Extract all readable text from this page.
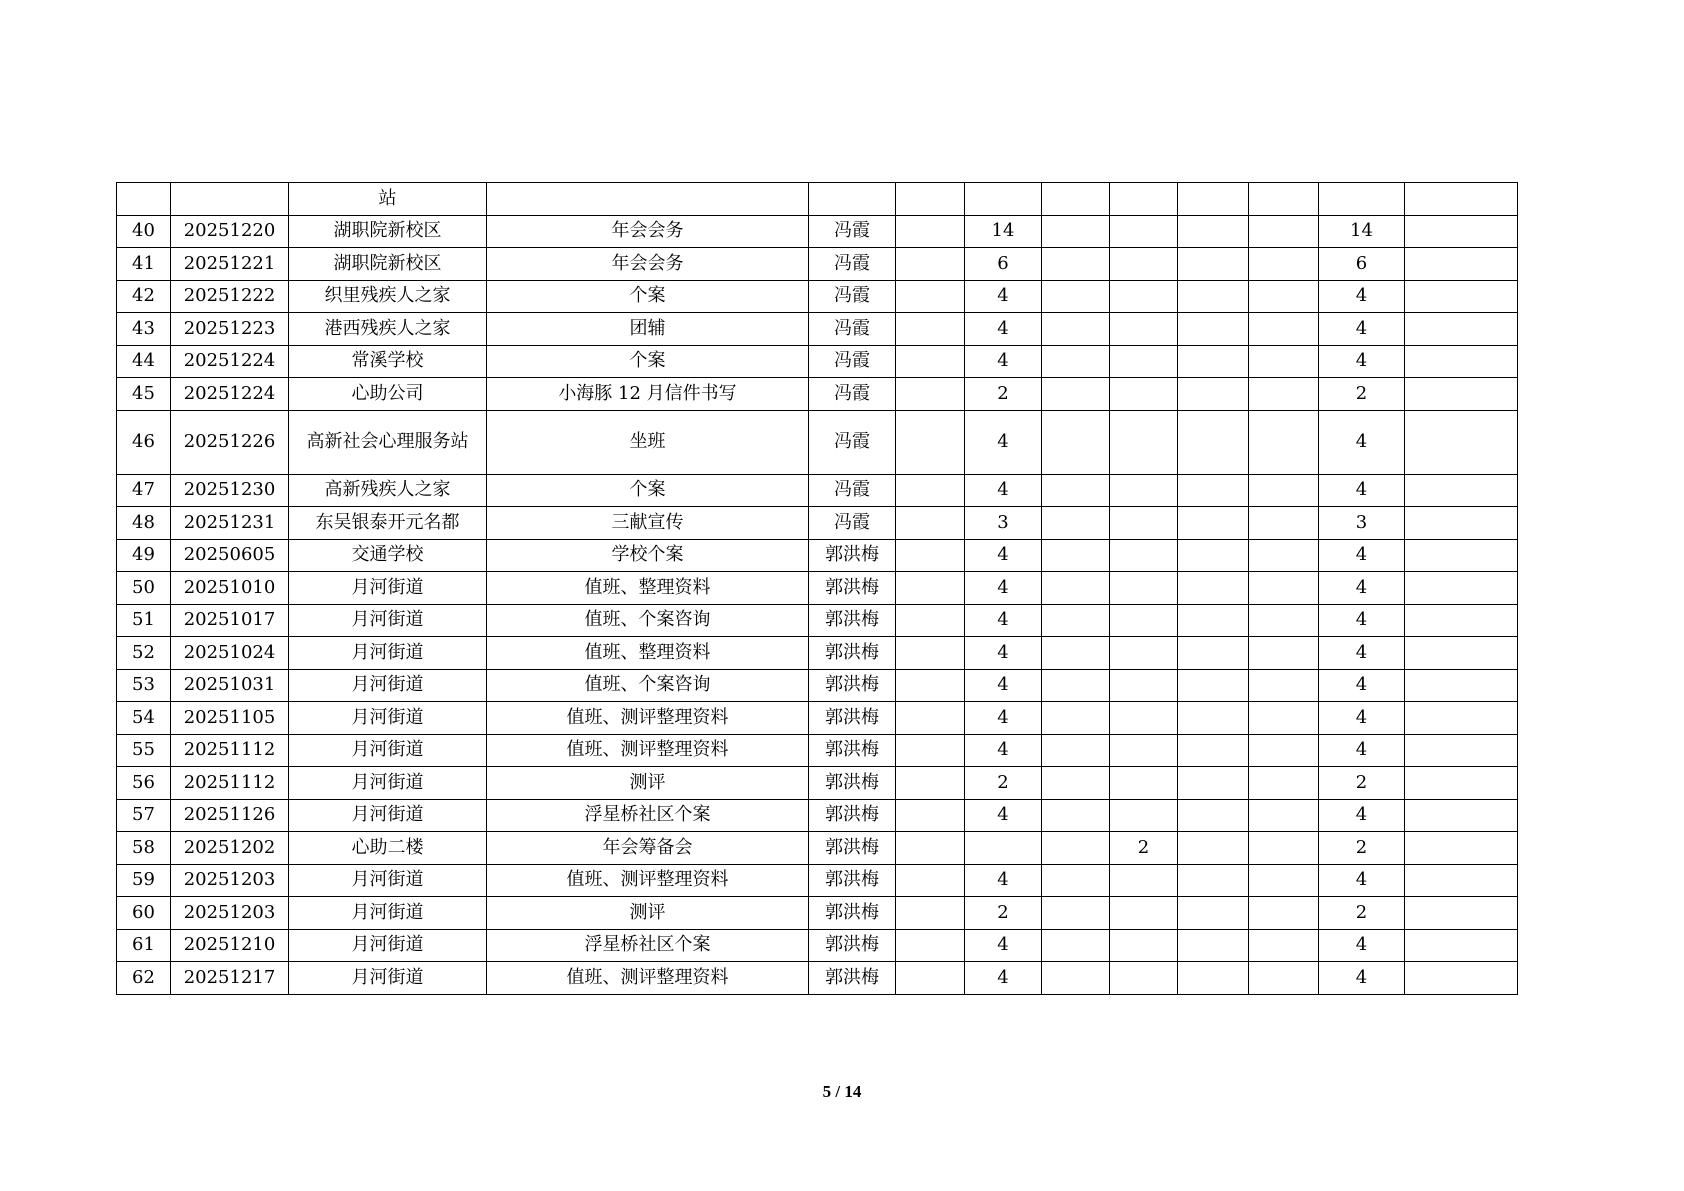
		站										
40	20251220	湖职院新校区	年会会务	冯霞		14					14	
41	20251221	湖职院新校区	年会会务	冯霞		6					6	
42	20251222	织里残疾人之家	个案	冯霞		4					4	
43	20251223	港西残疾人之家	团辅	冯霞		4					4	
44	20251224	常溪学校	个案	冯霞		4					4	
45	20251224	心助公司	小海豚 12 月信件书写	冯霞		2					2	
46	20251226	高新社会心理服务站	坐班	冯霞		4					4	
47	20251230	高新残疾人之家	个案	冯霞		4					4	
48	20251231	东吴银泰开元名都	三献宣传	冯霞		3					3	
49	20250605	交通学校	学校个案	郭洪梅		4					4	
50	20251010	月河街道	值班、整理资料	郭洪梅		4					4	
51	20251017	月河街道	值班、个案咨询	郭洪梅		4					4	
52	20251024	月河街道	值班、整理资料	郭洪梅		4					4	
53	20251031	月河街道	值班、个案咨询	郭洪梅		4					4	
54	20251105	月河街道	值班、测评整理资料	郭洪梅		4					4	
55	20251112	月河街道	值班、测评整理资料	郭洪梅		4					4	
56	20251112	月河街道	测评	郭洪梅		2					2	
57	20251126	月河街道	浮星桥社区个案	郭洪梅		4					4	
58	20251202	心助二楼	年会筹备会	郭洪梅				2			2	
59	20251203	月河街道	值班、测评整理资料	郭洪梅		4					4	
60	20251203	月河街道	测评	郭洪梅		2					2	
61	20251210	月河街道	浮星桥社区个案	郭洪梅		4					4	
62	20251217	月河街道	值班、测评整理资料	郭洪梅		4					4	
5 / 14
